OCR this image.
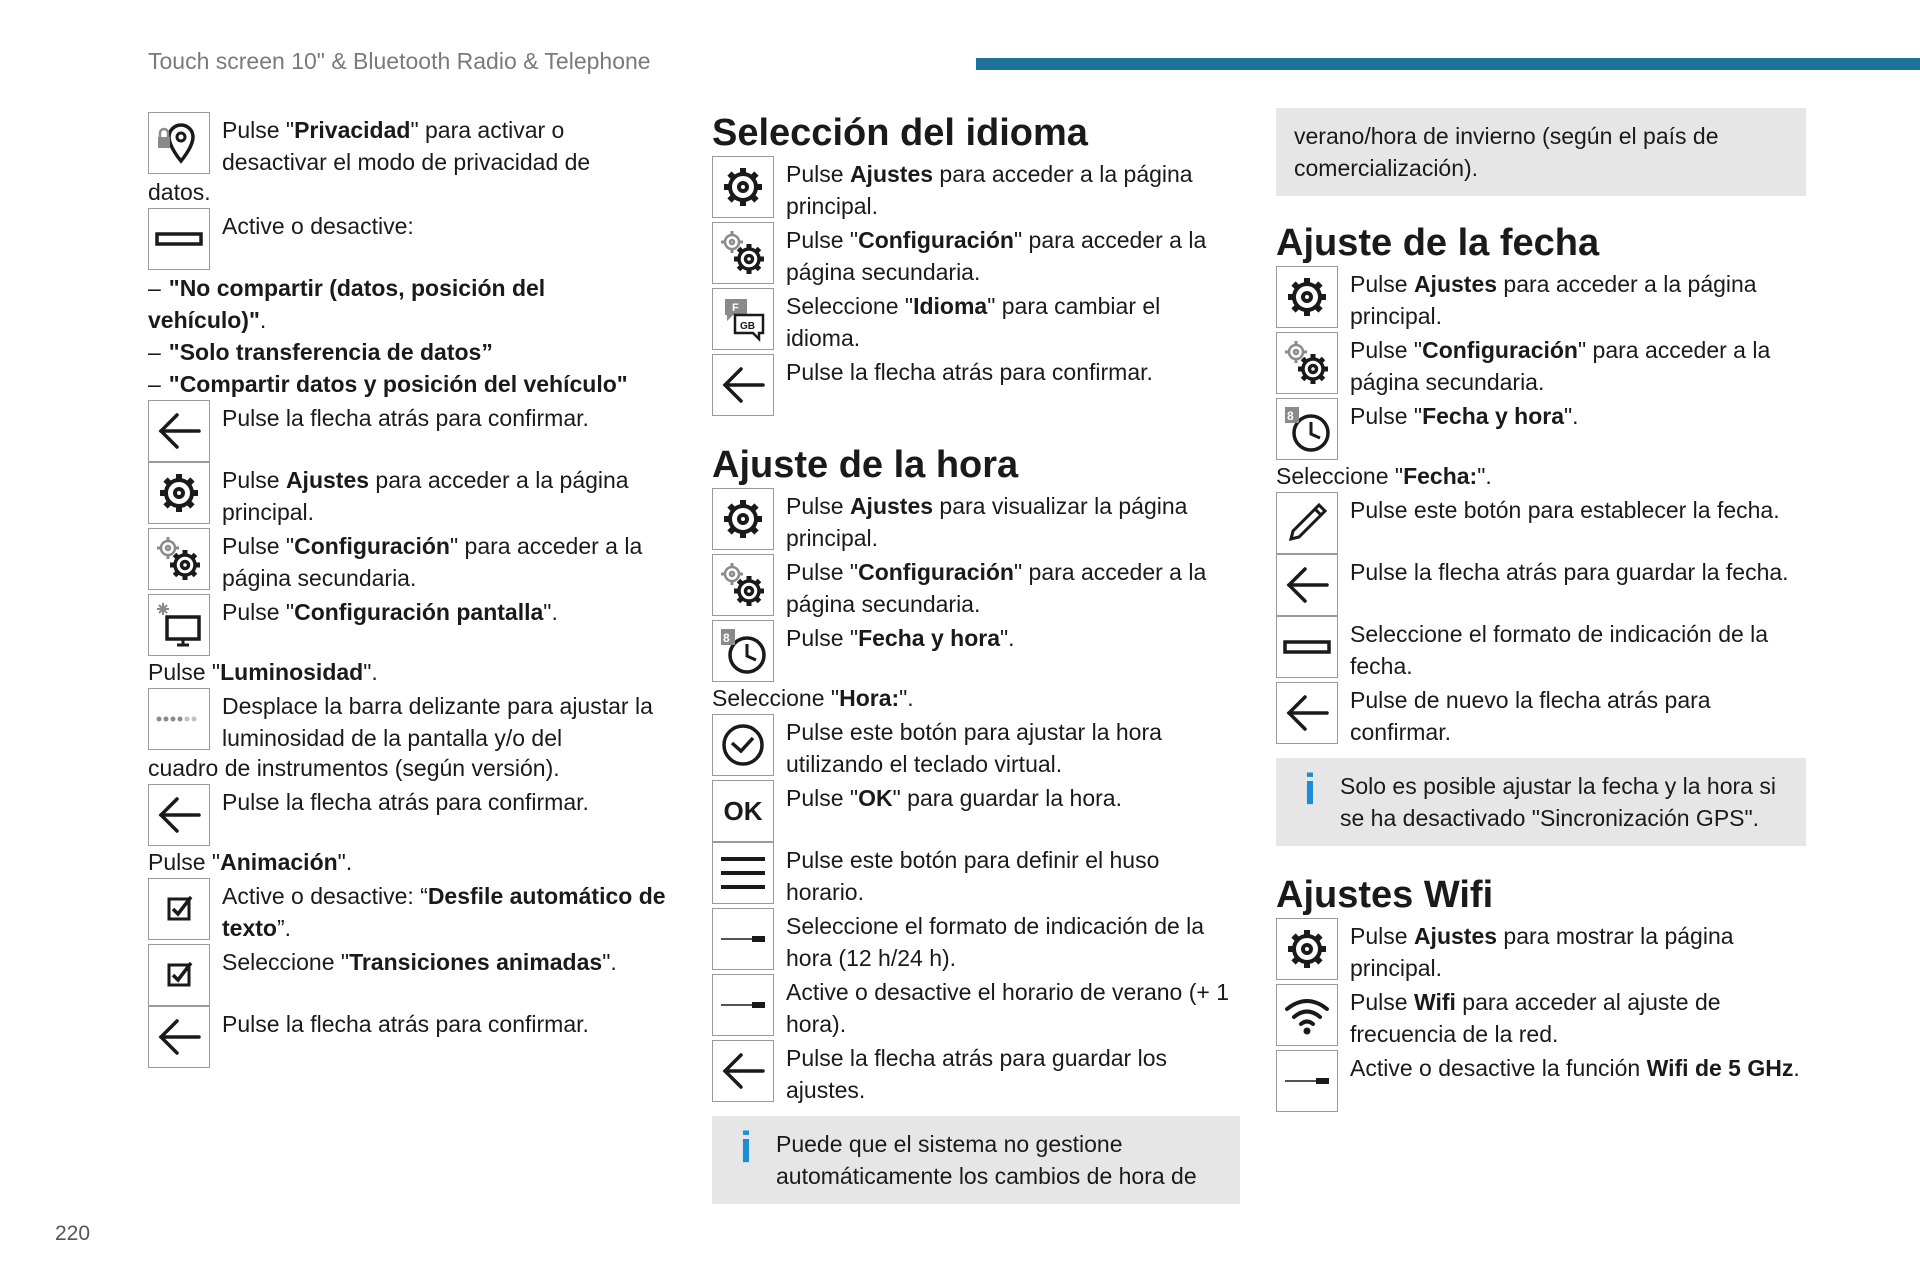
Touch screen 10" & Bluetooth Radio & Telephone
Pulse "Privacidad" para activar o desactivar el modo de privacidad de
datos.
Active o desactive:
– "No compartir (datos, posición del vehículo)".
– "Solo transferencia de datos”
– "Compartir datos y posición del vehículo"
Pulse la flecha atrás para confirmar.
Pulse Ajustes para acceder a la página principal.
Pulse "Configuración" para acceder a la página secundaria.
Pulse "Configuración pantalla".
Pulse "Luminosidad".
Desplace la barra delizante para ajustar la luminosidad de la pantalla y/o del
cuadro de instrumentos (según versión).
Pulse la flecha atrás para confirmar.
Pulse "Animación".
Active o desactive: “Desfile automático de texto”.
Seleccione "Transiciones animadas".
Pulse la flecha atrás para confirmar.
Selección del idioma
Pulse Ajustes para acceder a la página principal.
Pulse "Configuración" para acceder a la página secundaria.
F
GB
Seleccione "Idioma" para cambiar el idioma.
Pulse la flecha atrás para confirmar.
Ajuste de la hora
Pulse Ajustes para visualizar la página principal.
Pulse "Configuración" para acceder a la página secundaria.
8 Pulse "Fecha y hora".
Seleccione "Hora:".
Pulse este botón para ajustar la hora utilizando el teclado virtual.
OK	Pulse "OK" para guardar la hora.
Pulse este botón para definir el huso horario.
Seleccione el formato de indicación de la hora (12 h/24 h).
Active o desactive el horario de verano (+ 1 hora).
Pulse la flecha atrás para guardar los ajustes.
i	Puede que el sistema no gestione automáticamente los cambios de hora de
verano/hora de invierno (según el país de comercialización).
Ajuste de la fecha
Pulse Ajustes para acceder a la página principal.
Pulse "Configuración" para acceder a la página secundaria.
8 Pulse "Fecha y hora".
Seleccione "Fecha:".
Pulse este botón para establecer la fecha.
Pulse la flecha atrás para guardar la fecha.
Seleccione el formato de indicación de la fecha.
Pulse de nuevo la flecha atrás para confirmar.
i	Solo es posible ajustar la fecha y la hora si se ha desactivado "Sincronización GPS".
Ajustes Wifi
Pulse Ajustes para mostrar la página principal.
Pulse Wifi para acceder al ajuste de frecuencia de la red.
Active o desactive la función Wifi de 5 GHz.
220
